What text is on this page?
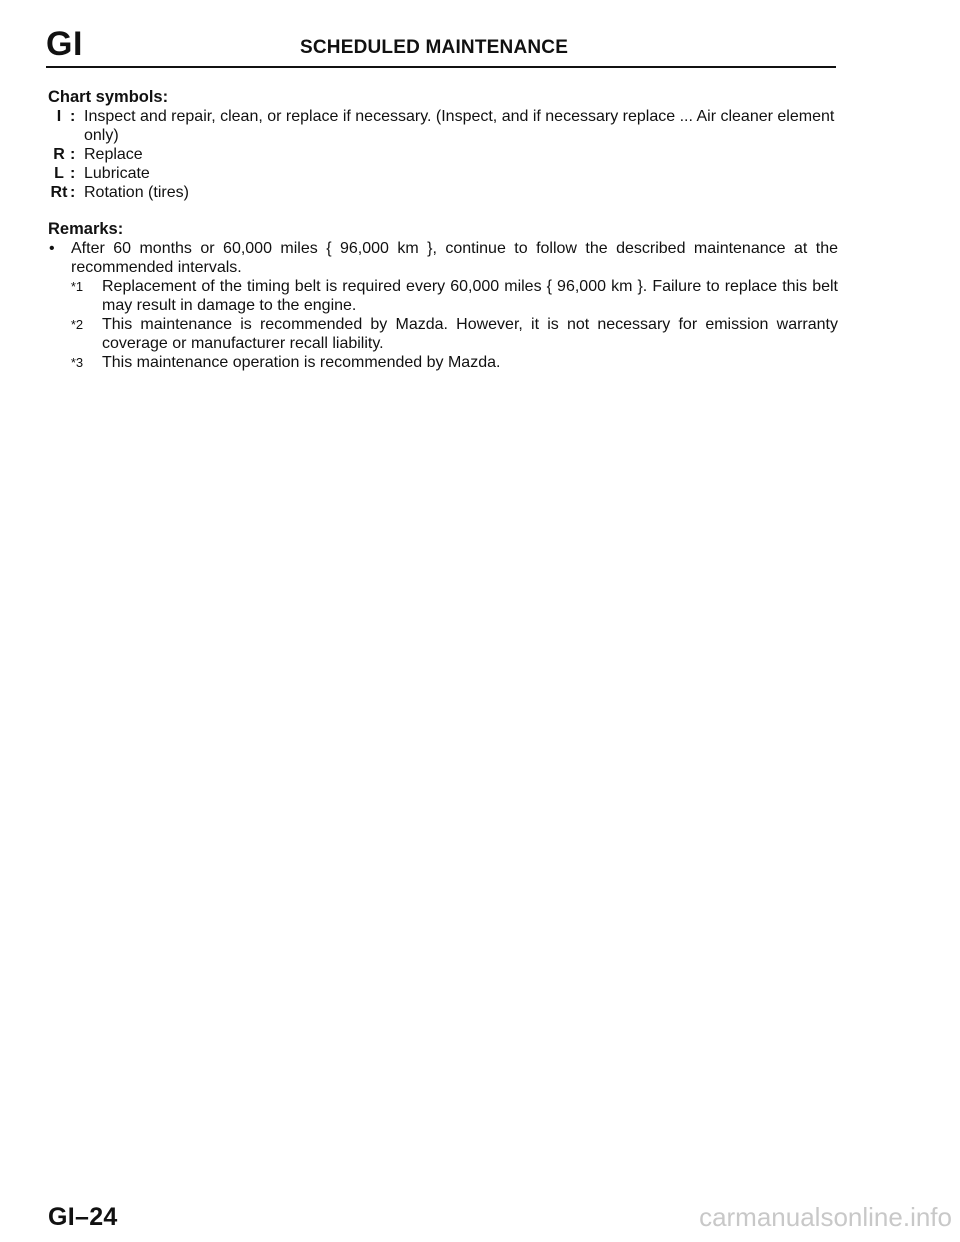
GI	SCHEDULED MAINTENANCE
Chart symbols:
I : Inspect and repair, clean, or replace if necessary. (Inspect, and if necessary replace ... Air cleaner element only)
R : Replace
L : Lubricate
Rt : Rotation (tires)
Remarks:
•	After 60 months or 60,000 miles { 96,000 km }, continue to follow the described maintenance at the recommended intervals.
*1	Replacement of the timing belt is required every 60,000 miles { 96,000 km }. Failure to replace this belt may result in damage to the engine.
*2	This maintenance is recommended by Mazda. However, it is not necessary for emission warranty coverage or manufacturer recall liability.
*3	This maintenance operation is recommended by Mazda.
GI–24	carmanualsonline.info
